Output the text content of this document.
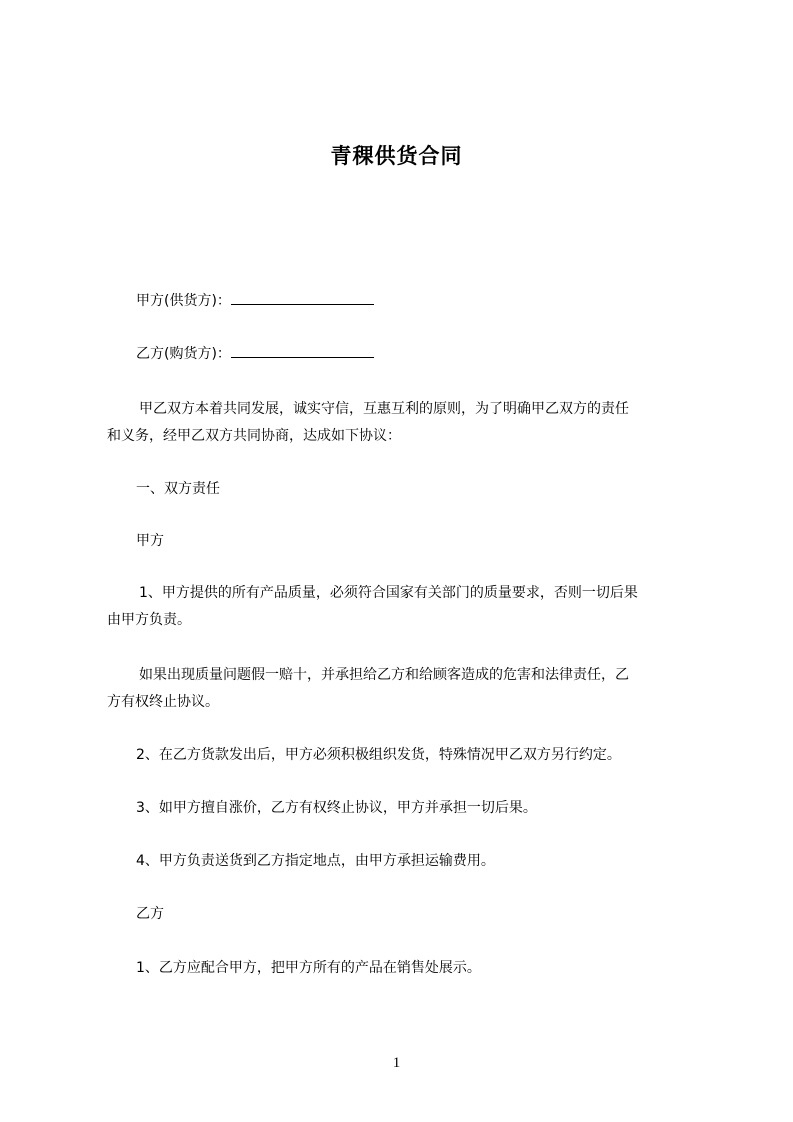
青稞供货合同

甲方(供货方)：

乙方(购货方)：

甲乙双方本着共同发展，诚实守信，互惠互利的原则，为了明确甲乙双方的责任

和义务，经甲乙双方共同协商，达成如下协议：

一、双方责任

甲方

1、甲方提供的所有产品质量，必须符合国家有关部门的质量要求，否则一切后果

由甲方负责。

如果出现质量问题假一赔十，并承担给乙方和给顾客造成的危害和法律责任，乙

方有权终止协议。

2、在乙方货款发出后，甲方必须积极组织发货，特殊情况甲乙双方另行约定。

3、如甲方擅自涨价，乙方有权终止协议，甲方并承担一切后果。

4、甲方负责送货到乙方指定地点，由甲方承担运输费用。

乙方

1、乙方应配合甲方，把甲方所有的产品在销售处展示。

1
